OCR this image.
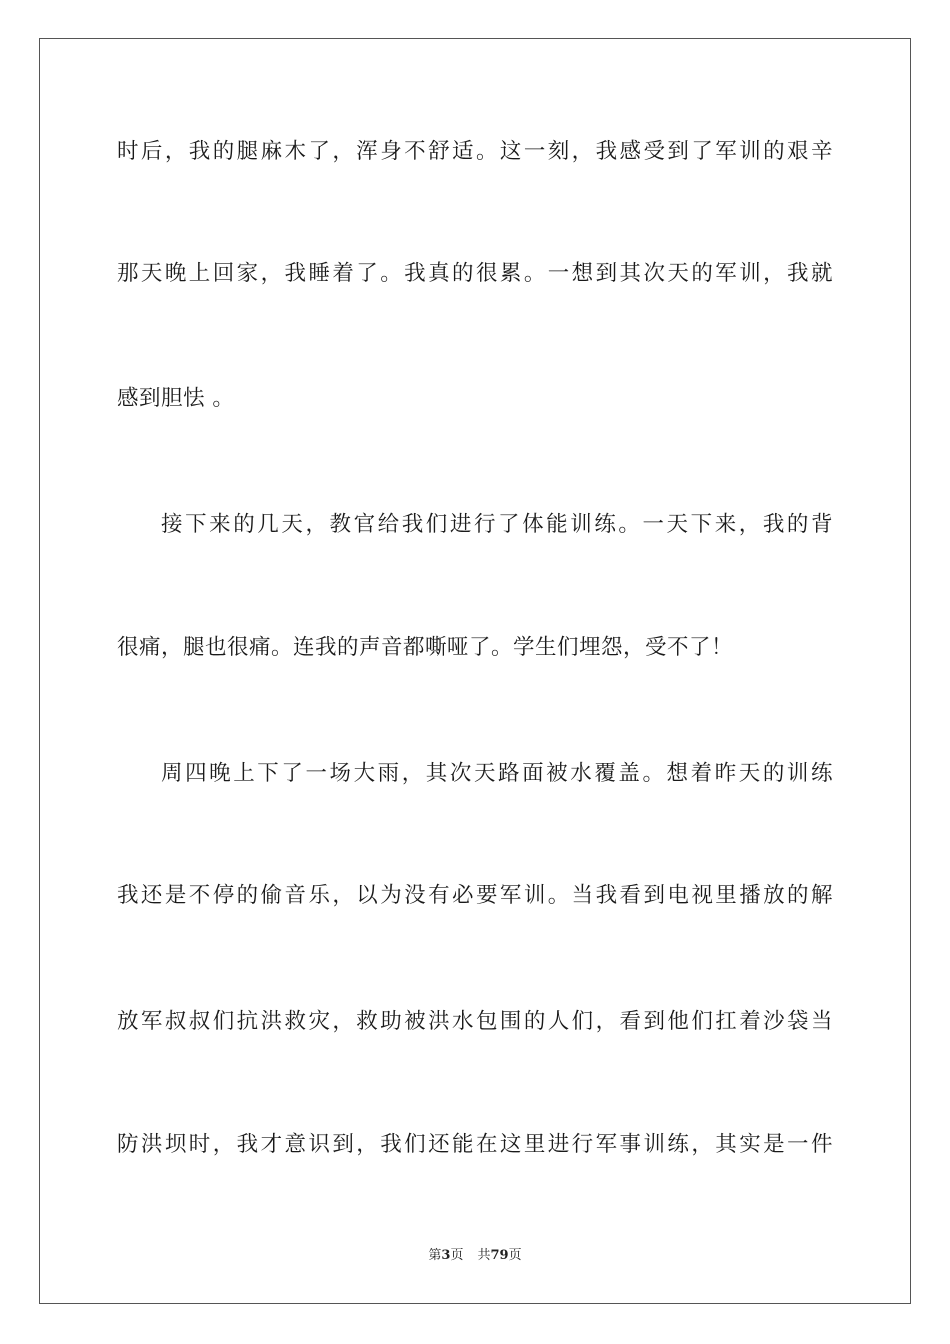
时后，我的腿麻木了，浑身不舒适。这一刻，我感受到了军训的艰辛
那天晚上回家，我睡着了。我真的很累。一想到其次天的军训，我就
感到胆怯 。
接下来的几天，教官给我们进行了体能训练。一天下来，我的背
很痛，腿也很痛。连我的声音都嘶哑了。学生们埋怨，受不了！
周四晚上下了一场大雨，其次天路面被水覆盖。想着昨天的训练
我还是不停的偷音乐，以为没有必要军训。当我看到电视里播放的解
放军叔叔们抗洪救灾，救助被洪水包围的人们，看到他们扛着沙袋当
防洪坝时，我才意识到，我们还能在这里进行军事训练，其实是一件
第3页 共79页
